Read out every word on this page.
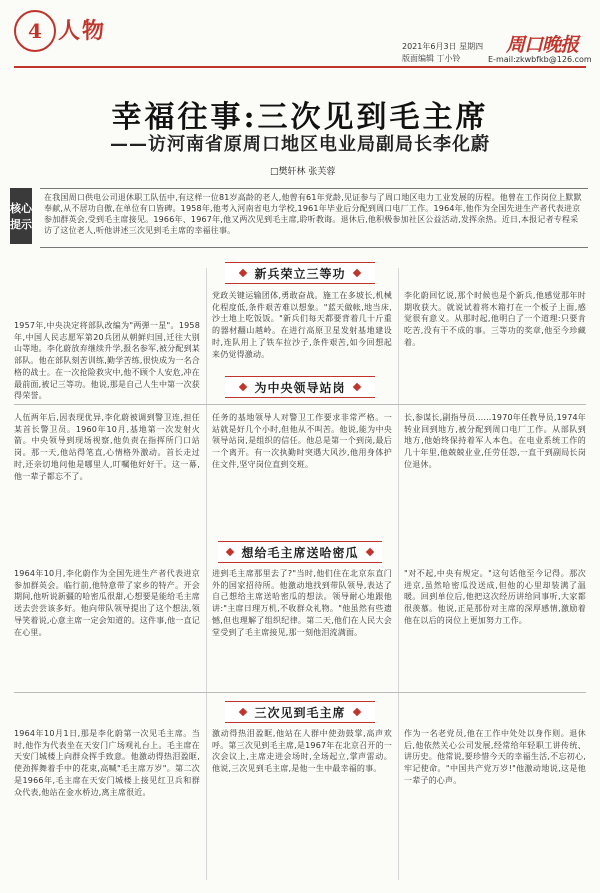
4 人物
2021年6月3日 星期四
版面编辑 丁小铃
周口晚报
E-mail:zkwbfkb@126.com
幸福往事:三次见到毛主席
——访河南省原周口地区电业局副局长李化蔚
□樊轩林 张芙蓉
核心提示
在我国周口供电公司退休职工队伍中,有这样一位81岁高龄的老人,他曾有61年党龄,见证参与了周口地区电力工业发展的历程。他曾在工作岗位上默默奉献,从不居功自傲,在单位有口皆碑。1958年,他考入河南省电力学校,1961年毕业后分配到周口电厂工作。1964年,他作为全国先进生产者代表进京参加群英会,受到毛主席接见。1966年、1967年,他又两次见到毛主席,聆听教诲。退休后,他积极参加社区公益活动,发挥余热。近日,本报记者专程采访了这位老人,听他讲述三次见到毛主席的幸福往事。
新兵荣立三等功
1957年,中央决定将部队改编为"两弹一星"。1958年,中国人民志愿军第20兵团从朝鲜归国,迁往大别山等地。李化蔚放弃继续升学,报名参军,被分配到某部队。他在部队刻苦训练,勤学苦练,很快成为一名合格的战士。在一次抢险救灾中,他不顾个人安危,冲在最前面,被记三等功。他说,那是自己人生中第一次获得荣誉。
党政关键运输团体,勇敢奋战。施工在多坡长,机械化程度低,条件艰苦难以想象。"蓝天做帐,地当床,沙土地上吃饭饭。"新兵们每天都要背着几十斤重的器材翻山越岭。在进行高原卫星发射基地建设时,连队用上了铁车拉沙子,条件艰苦,如今回想起来仍觉得激动。
李化蔚回忆说,那个时候也是个新兵,他感觉那年时期收获大。就说试着将木箱打在一个板子上面,感觉很有意义。从那时起,他明白了一个道理:只要肯吃苦,没有干不成的事。三等功的奖章,他至今珍藏着。
为中央领导站岗
人伍两年后,因表现优异,李化蔚被调到警卫连,担任某首长警卫员。1960年10月,基地第一次发射火箭。中央领导到现场视察,他负责在指挥所门口站岗。那一天,他站得笔直,心情格外激动。首长走过时,还亲切地问他是哪里人,叮嘱他好好干。这一幕,他一辈子都忘不了。
任务的基地领导人对警卫工作要求非常严格。一站就是好几个小时,但他从不叫苦。他说,能为中央领导站岗,是组织的信任。他总是第一个到岗,最后一个离开。有一次执勤时突遇大风沙,他用身体护住文件,坚守岗位直到交班。
长,参谋长,副指导员……1970年任教导员,1974年转业回到地方,被分配到周口电厂工作。从部队到地方,他始终保持着军人本色。在电业系统工作的几十年里,他兢兢业业,任劳任怨,一直干到副局长岗位退休。
想给毛主席送哈密瓜
1964年10月,李化蔚作为全国先进生产者代表进京参加群英会。临行前,他特意带了家乡的特产。开会期间,他听说新疆的哈密瓜很甜,心想要是能给毛主席送去尝尝该多好。他向带队领导提出了这个想法,领导笑着说,心意主席一定会知道的。这件事,他一直记在心里。
进到毛主席那里去了?"当时,他们住在北京东直门外的国家招待所。他激动地找到带队领导,表达了自己想给主席送哈密瓜的想法。领导耐心地跟他讲:"主席日理万机,不收群众礼物。"他虽然有些遗憾,但也理解了组织纪律。第二天,他们在人民大会堂受到了毛主席接见,那一刻他泪流满面。
"对不起,中央有规定。"这句话他至今记得。那次进京,虽然哈密瓜没送成,但他的心里却装满了温暖。回到单位后,他把这次经历讲给同事听,大家都很羡慕。他说,正是那份对主席的深厚感情,激励着他在以后的岗位上更加努力工作。
三次见到毛主席
1964年10月1日,那是李化蔚第一次见毛主席。当时,他作为代表坐在天安门广场观礼台上。毛主席在天安门城楼上向群众挥手致意。他激动得热泪盈眶,使劲挥舞着手中的花束,高喊"毛主席万岁"。第二次是1966年,毛主席在天安门城楼上接见红卫兵和群众代表,他站在金水桥边,离主席很近。
激动得热泪盈眶,他站在人群中使劲鼓掌,高声欢呼。第三次见到毛主席,是1967年在北京召开的一次会议上,主席走进会场时,全场起立,掌声雷动。他说,三次见到毛主席,是他一生中最幸福的事。
作为一名老党员,他在工作中处处以身作则。退休后,他依然关心公司发展,经常给年轻职工讲传统、讲历史。他常说,要珍惜今天的幸福生活,不忘初心,牢记使命。"中国共产党万岁!"他激动地说,这是他一辈子的心声。
